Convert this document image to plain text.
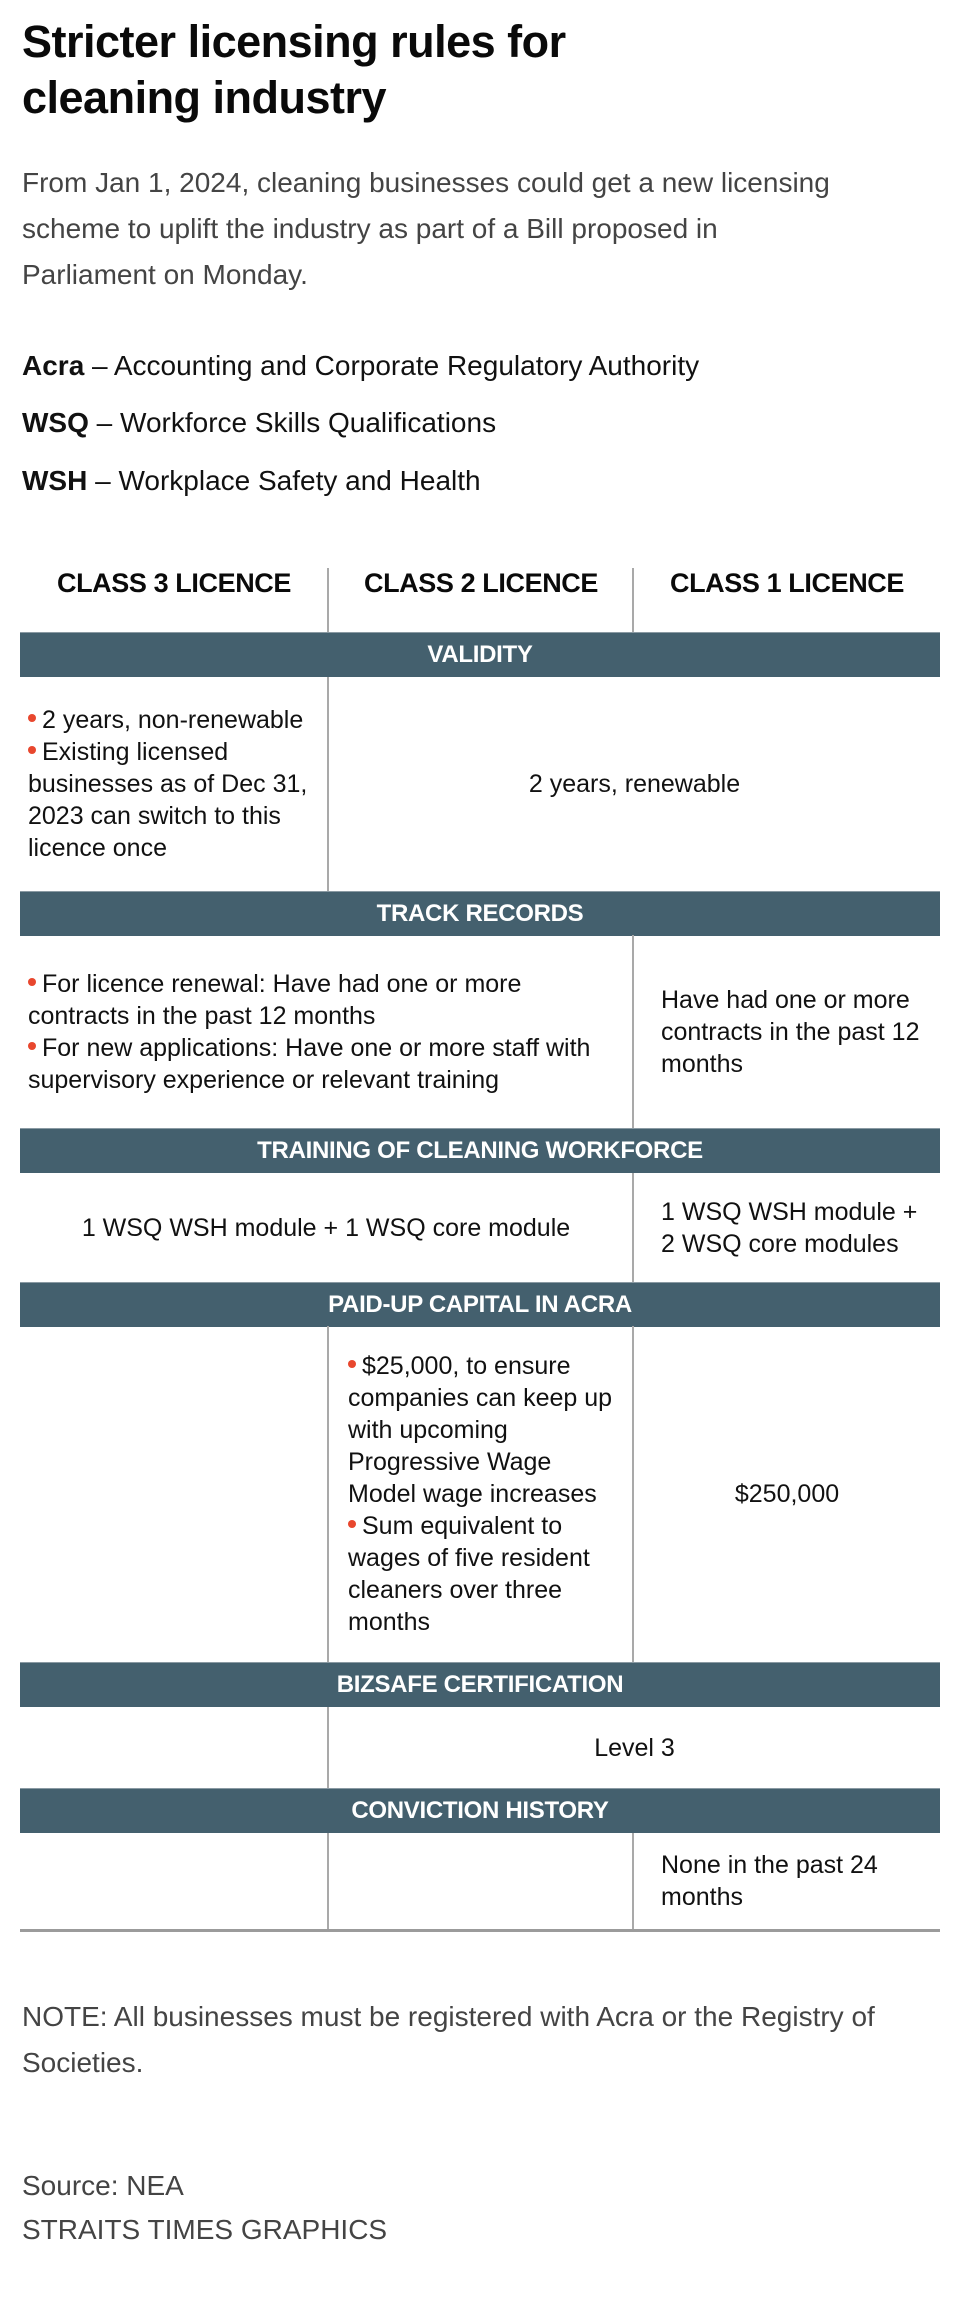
Stricter licensing rules for
cleaning industry
From Jan 1, 2024, cleaning businesses could get a new licensing
scheme to uplift the industry as part of a Bill proposed in
Parliament on Monday.
Acra – Accounting and Corporate Regulatory Authority
WSQ – Workforce Skills Qualifications
WSH – Workplace Safety and Health
CLASS 3 LICENCE	CLASS 2 LICENCE	CLASS 1 LICENCE
VALIDITY
2 years, non-renewable
Existing licensed businesses as of Dec 31, 2023 can switch to this licence once
2 years, renewable
TRACK RECORDS
For licence renewal: Have had one or more contracts in the past 12 months
For new applications: Have one or more staff with supervisory experience or relevant training
Have had one or more contracts in the past 12 months
TRAINING OF CLEANING WORKFORCE
1 WSQ WSH module + 1 WSQ core module
1 WSQ WSH module + 2 WSQ core modules
PAID-UP CAPITAL IN ACRA
$25,000, to ensure companies can keep up with upcoming Progressive Wage Model wage increases
Sum equivalent to wages of five resident cleaners over three months
$250,000
BIZSAFE CERTIFICATION
Level 3
CONVICTION HISTORY
None in the past 24 months
NOTE: All businesses must be registered with Acra or the Registry of Societies.
Source: NEA
STRAITS TIMES GRAPHICS
